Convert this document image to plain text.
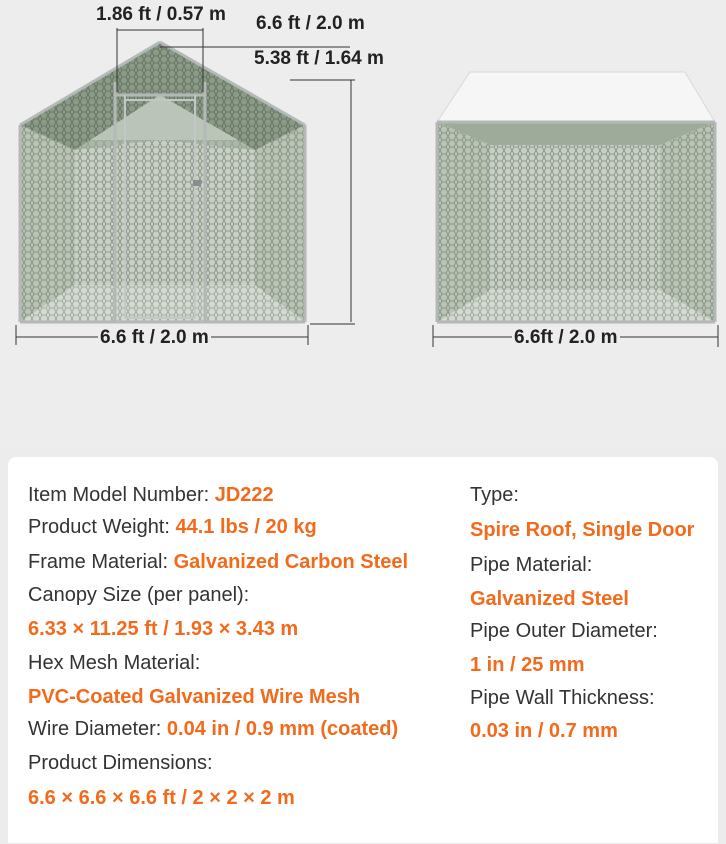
1.86 ft / 0.57 m 6.6 ft / 2.0 m
5.38 ft / 1.64 m
6.6 ft / 2.0 m	6.6ft / 2.0 m
Item Model Number: JD222
Product Weight: 44.1 lbs / 20 kg
Frame Material: Galvanized Carbon Steel
Canopy Size (per panel):
6.33 × 11.25 ft / 1.93 × 3.43 m
Hex Mesh Material:
PVC-Coated Galvanized Wire Mesh
Wire Diameter: 0.04 in / 0.9 mm (coated)
Product Dimensions:
6.6 × 6.6 × 6.6 ft / 2 × 2 × 2 m
Type:
Spire Roof, Single Door
Pipe Material:
Galvanized Steel
Pipe Outer Diameter:
1 in / 25 mm
Pipe Wall Thickness:
0.03 in / 0.7 mm
